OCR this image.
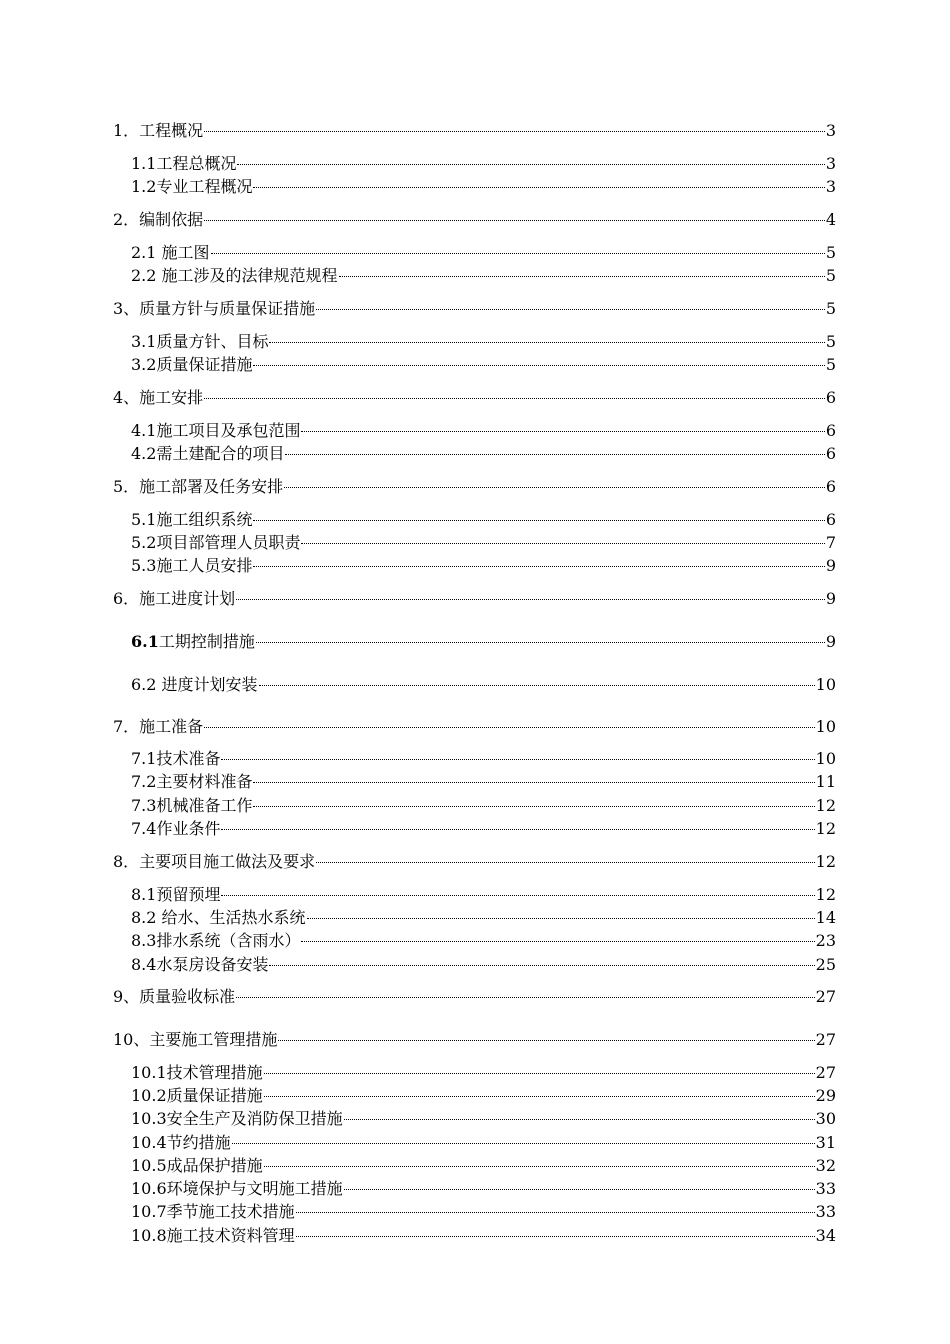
1．工程概况	3
1.1工程总概况	3
1.2专业工程概况	3
2．编制依据	4
2.1 施工图	5
2.2 施工涉及的法律规范规程	5
3、质量方针与质量保证措施	5
3.1质量方针、目标	5
3.2质量保证措施	5
4、施工安排	6
4.1施工项目及承包范围	6
4.2需土建配合的项目	6
5．施工部署及任务安排	6
5.1施工组织系统	6
5.2项目部管理人员职责	7
5.3施工人员安排	9
6．施工进度计划	9
6.1工期控制措施	9
6.2 进度计划安装	10
7．施工准备	10
7.1技术准备	10
7.2主要材料准备	11
7.3机械准备工作	12
7.4作业条件	12
8．主要项目施工做法及要求	12
8.1预留预埋	12
8.2 给水、生活热水系统	14
8.3排水系统（含雨水）	23
8.4水泵房设备安装	25
9、质量验收标准	27
10、主要施工管理措施	27
10.1技术管理措施	27
10.2质量保证措施	29
10.3安全生产及消防保卫措施	30
10.4节约措施	31
10.5成品保护措施	32
10.6环境保护与文明施工措施	33
10.7季节施工技术措施	33
10.8施工技术资料管理	34
